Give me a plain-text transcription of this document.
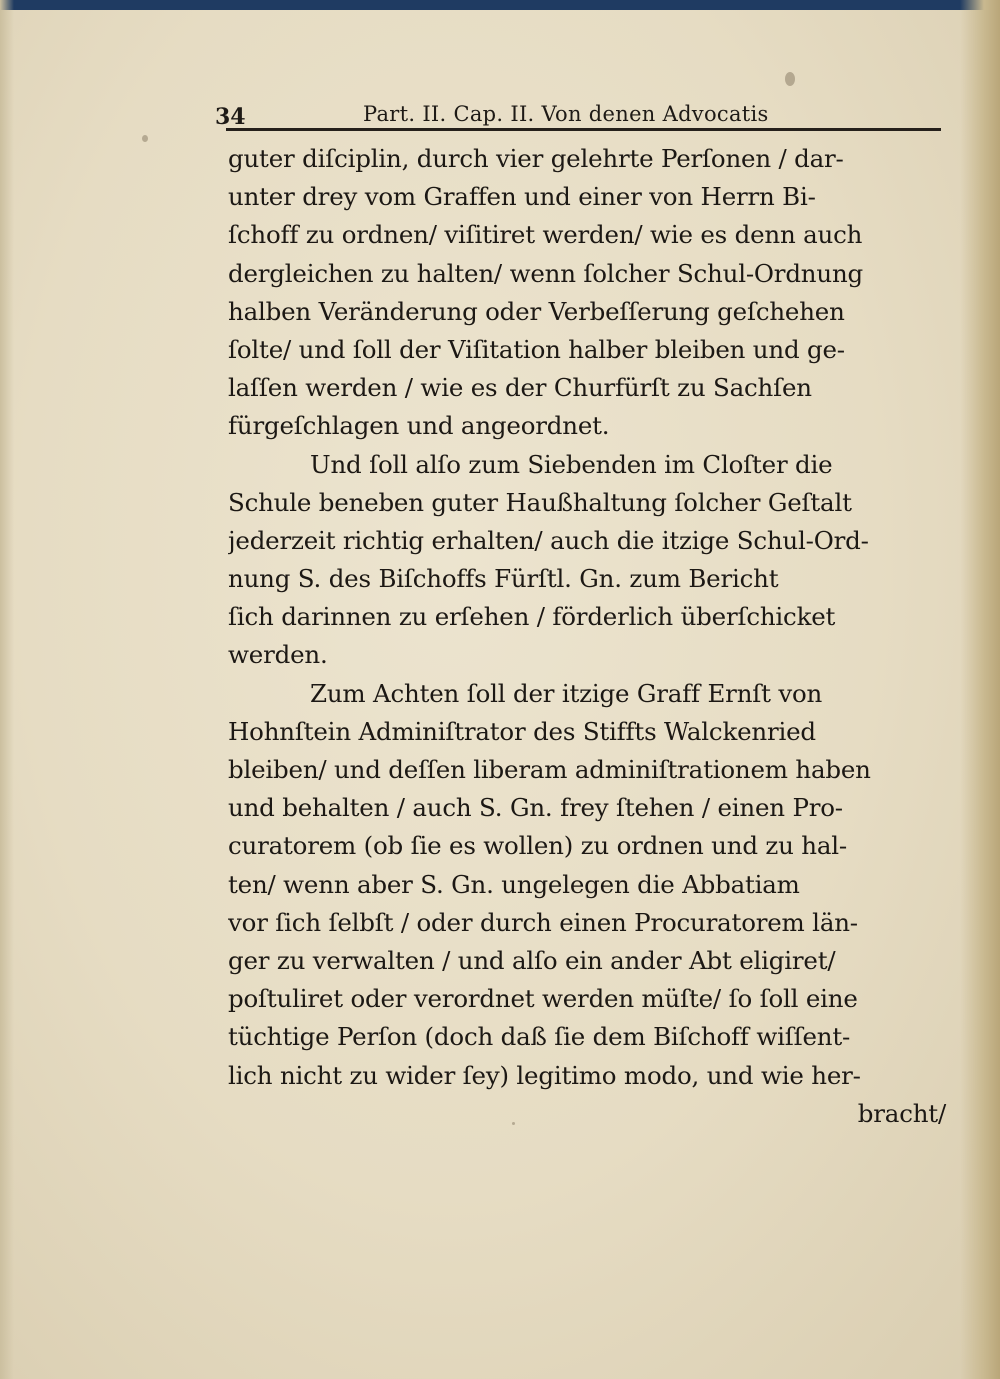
34	Part. II. Cap. II. Von denen Advocatis
guter diſciplin, durch vier gelehrte Perſonen / dar-
unter drey vom Graffen und einer von Herrn Bi-
ſchoff zu ordnen/ viſitiret werden/ wie es denn auch
dergleichen zu halten/ wenn ſolcher Schul-Ordnung
halben Veränderung oder Verbeſſerung geſchehen
ſolte/ und ſoll der Viſitation halber bleiben und ge-
laſſen werden / wie es der Churfürſt zu Sachſen
fürgeſchlagen und angeordnet.
Und ſoll alſo zum Siebenden im Cloſter die
Schule beneben guter Haußhaltung ſolcher Geſtalt
jederzeit richtig erhalten/ auch die itzige Schul-Ord-
nung S. des Biſchoffs Fürſtl. Gn. zum Bericht
ſich darinnen zu erſehen / förderlich überſchicket
werden.
Zum Achten ſoll der itzige Graff Ernſt von
Hohnſtein Adminiſtrator des Stiffts Walckenried
bleiben/ und deſſen liberam adminiſtrationem haben
und behalten / auch S. Gn. frey ſtehen / einen Pro-
curatorem (ob ſie es wollen) zu ordnen und zu hal-
ten/ wenn aber S. Gn. ungelegen die Abbatiam
vor ſich ſelbſt / oder durch einen Procuratorem län-
ger zu verwalten / und alſo ein ander Abt eligiret/
poſtuliret oder verordnet werden müſte/ ſo ſoll eine
tüchtige Perſon (doch daß ſie dem Biſchoff wiſſent-
lich nicht zu wider ſey) legitimo modo, und wie her-
bracht/
